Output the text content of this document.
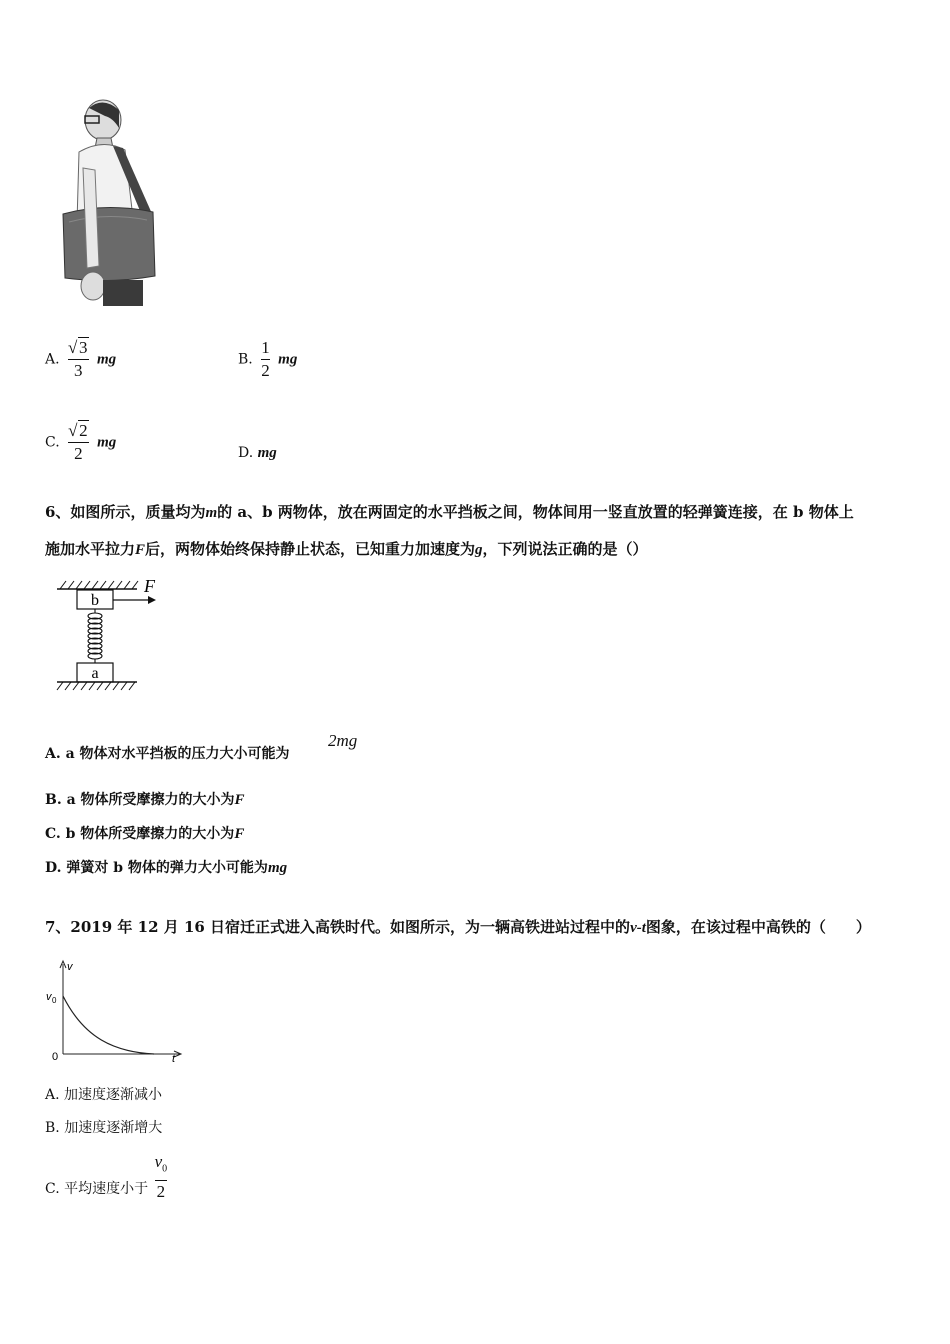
A. $\frac{√ 3}{3}$ mg	B. $\frac{1}{2}$ mg
C. $\frac{√ 2}{2}$ mg
D. mg
6、如图所示，质量均为m的 a、b 两物体，放在两固定的水平挡板之间，物体间用一竖直放置的轻弹簧连接，在 b 物体上
施加水平拉力F后，两物体始终保持静止状态，已知重力加速度为g，下列说法正确的是（）
b
F
a
A. a 物体对水平挡板的压力大小可能为
2mg
B. a 物体所受摩擦力的大小为F
C. b 物体所受摩擦力的大小为F
D. 弹簧对 b 物体的弹力大小可能为mg
7、2019 年 12 月 16 日宿迁正式进入高铁时代。如图所示，为一辆高铁进站过程中的v-t图象，在该过程中高铁的（　　）
v
v 0
0	t
A. 加速度逐渐减小
B. 加速度逐渐增大
C. 平均速度小于 $\frac{v_0}{2}$
